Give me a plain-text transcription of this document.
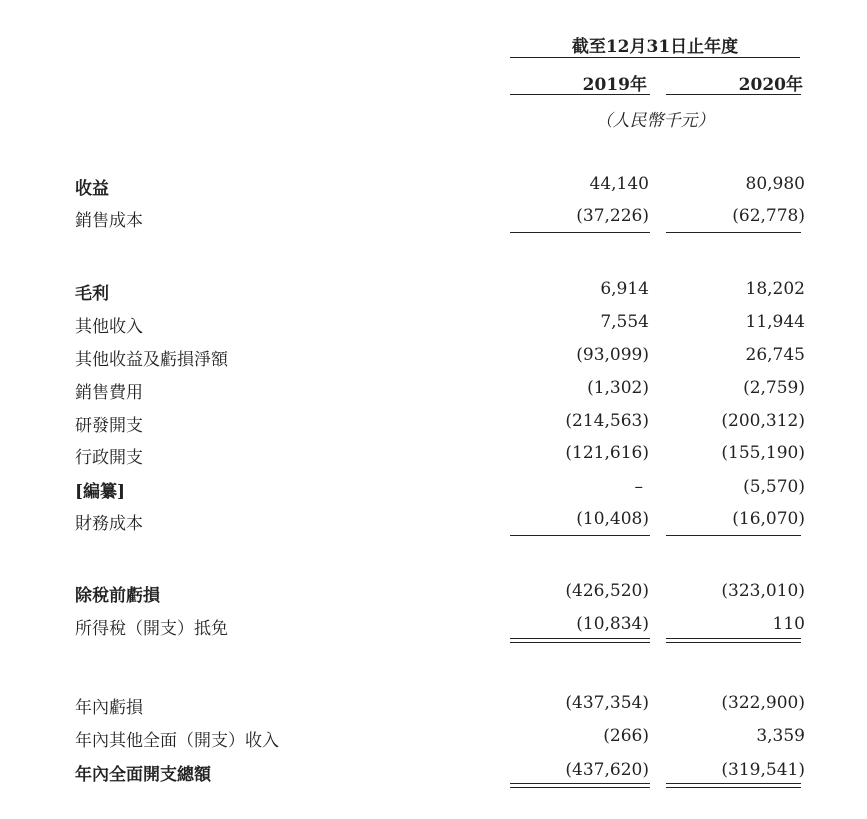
截至12月31日止年度
2019年	2020年
（人民幣千元）
收益	44,140	80,980
銷售成本	(37,226)	(62,778)
毛利	6,914	18,202
其他收入	7,554	11,944
其他收益及虧損淨額	(93,099)	26,745
銷售費用	(1,302)	(2,759)
研發開支	(214,563)	(200,312)
行政開支	(121,616)	(155,190)
[編纂]	–	(5,570)
財務成本	(10,408)	(16,070)
除稅前虧損	(426,520)	(323,010)
所得稅（開支）抵免	(10,834)	110
年內虧損	(437,354)	(322,900)
年內其他全面（開支）收入	(266)	3,359
年內全面開支總額	(437,620)	(319,541)
